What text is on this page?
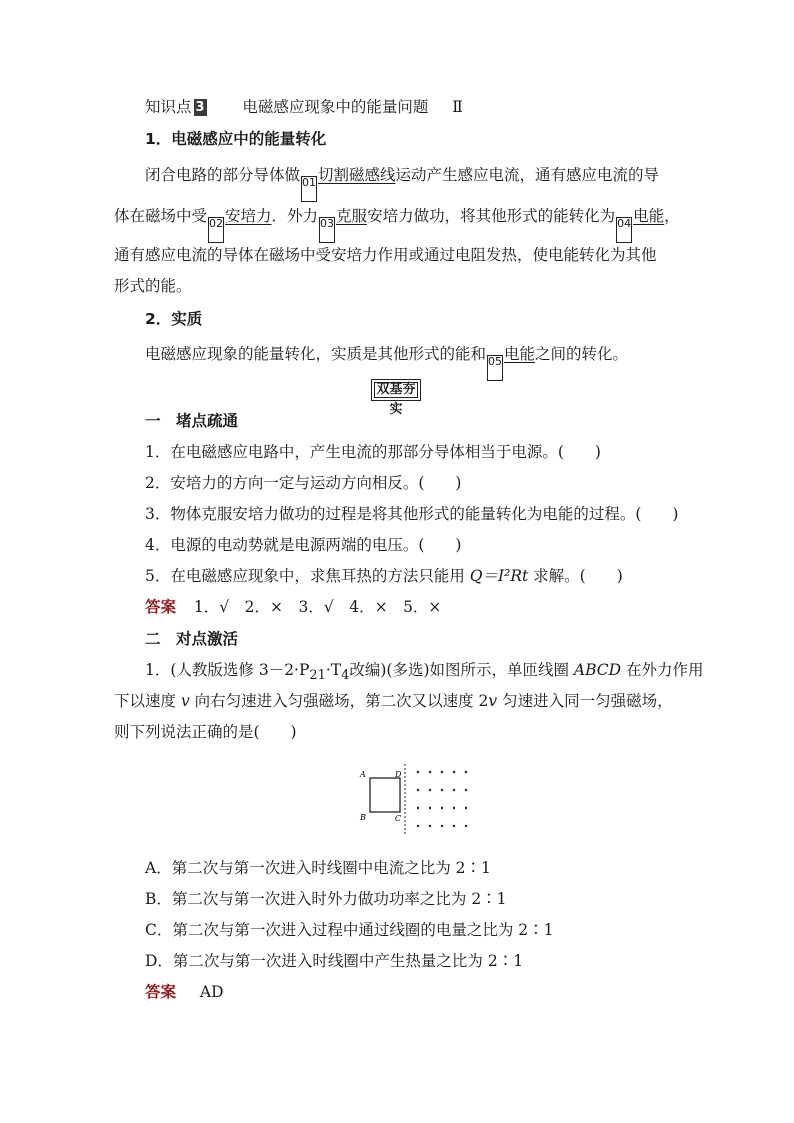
知识点 3 电磁感应现象中的能量问题 Ⅱ
1．电磁感应中的能量转化
闭合电路的部分导体做 01 切割磁感线运动产生感应电流，通有感应电流的导
体在磁场中受 02 安培力．外力 03 克服安培力做功，将其他形式的能转化为 04 电能，
通有感应电流的导体在磁场中受安培力作用或通过电阻发热，使电能转化为其他
形式的能。
2．实质
电磁感应现象的能量转化，实质是其他形式的能和 05 电能之间的转化。
双基夯实
一　堵点疏通
1．在电磁感应电路中，产生电流的那部分导体相当于电源。(　　)
2．安培力的方向一定与运动方向相反。(　　)
3．物体克服安培力做功的过程是将其他形式的能量转化为电能的过程。(　　)
4．电源的电动势就是电源两端的电压。(　　)
5．在电磁感应现象中，求焦耳热的方法只能用 Q＝I²Rt 求解。(　　)
答案 1．√　2．×　3．√　4．×　5．×
二　对点激活
1．(人教版选修 $3-2\cdot P_{21}\cdot T_4$改编)(多选)如图所示，单匝线圈 ABCD 在外力作用
下以速度 v 向右匀速进入匀强磁场，第二次又以速度 2v 匀速进入同一匀强磁场，
则下列说法正确的是(　　)
A	D
B	C
A．第二次与第一次进入时线圈中电流之比为 2∶1
B．第二次与第一次进入时外力做功功率之比为 2∶1
C．第二次与第一次进入过程中通过线圈的电量之比为 2∶1
D．第二次与第一次进入时线圈中产生热量之比为 2∶1
答案 AD
